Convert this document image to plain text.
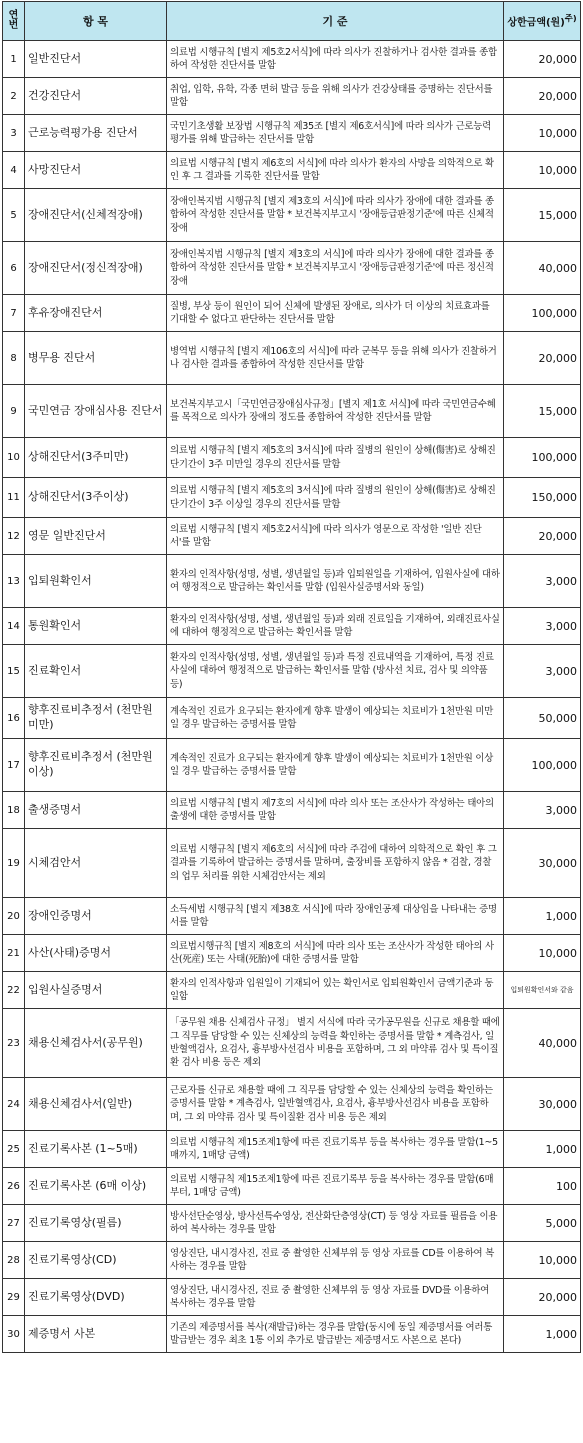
연번	항 목	기 준	상한금액(원)$^{주)}$
1	일반진단서	의료법 시행규칙 [별지 제5호2서식]에 따라 의사가 진찰하거나 검사한 결과를 종합하여 작성한 진단서를 말함	20,000
2	건강진단서	취업, 입학, 유학, 각종 면허 발급 등을 위해 의사가 건강상태를 증명하는 진단서를 말함	20,000
3	근로능력평가용 진단서	국민기초생활 보장법 시행규칙 제35조 [별지 제6호서식]에 따라 의사가 근로능력 평가를 위해 발급하는 진단서를 말함	10,000
4	사망진단서	의료법 시행규칙 [별지 제6호의 서식]에 따라 의사가 환자의 사망을 의학적으로 확인 후 그 결과를 기록한 진단서를 말함	10,000
5	장애진단서(신체적장애)	장애인복지법 시행규칙 [별지 제3호의 서식]에 따라 의사가 장애에 대한 결과를 종합하여 작성한 진단서를 말함 * 보건복지부고시 '장애등급판정기준'에 따른 신체적 장애	15,000
6	장애진단서(정신적장애)	장애인복지법 시행규칙 [별지 제3호의 서식]에 따라 의사가 장애에 대한 결과를 종합하여 작성한 진단서를 말함 * 보건복지부고시 '장애등급판정기준'에 따른 정신적 장애	40,000
7	후유장애진단서	질병, 부상 등이 원인이 되어 신체에 발생된 장애로, 의사가 더 이상의 치료효과를 기대할 수 없다고 판단하는 진단서를 말함	100,000
8	병무용 진단서	병역법 시행규칙 [별지 제106호의 서식]에 따라 군복무 등을 위해 의사가 진찰하거나 검사한 결과를 종합하여 작성한 진단서를 말함	20,000
9	국민연금 장애심사용 진단서	보건복지부고시「국민연금장애심사규정」[별지 제1호 서식]에 따라 국민연금수혜를 목적으로 의사가 장애의 정도를 종합하여 작성한 진단서를 말함	15,000
10	상해진단서(3주미만)	의료법 시행규칙 [별지 제5호의 3서식]에 따라 질병의 원인이 상해(傷害)로 상해진단기간이 3주 미만일 경우의 진단서를 말함	100,000
11	상해진단서(3주이상)	의료법 시행규칙 [별지 제5호의 3서식]에 따라 질병의 원인이 상해(傷害)로 상해진단기간이 3주 이상일 경우의 진단서를 말함	150,000
12	영문 일반진단서	의료법 시행규칙 [별지 제5호2서식]에 따라 의사가 영문으로 작성한 '일반 진단서'를 말함	20,000
13	입퇴원확인서	환자의 인적사항(성명, 성별, 생년월일 등)과 입퇴원일을 기재하여, 입원사실에 대하여 행정적으로 발급하는 확인서를 말함 (입원사실증명서와 동일)	3,000
14	통원확인서	환자의 인적사항(성명, 성별, 생년월일 등)과 외래 진료일을 기재하여, 외래진료사실에 대하여 행정적으로 발급하는 확인서를 말함	3,000
15	진료확인서	환자의 인적사항(성명, 성별, 생년월일 등)과 특정 진료내역을 기재하여, 특정 진료사실에 대하여 행정적으로 발급하는 확인서를 말함 (방사선 치료, 검사 및 의약품 등)	3,000
16	향후진료비추정서 (천만원미만)	계속적인 진료가 요구되는 환자에게 향후 발생이 예상되는 치료비가 1천만원 미만일 경우 발급하는 증명서를 말함	50,000
17	향후진료비추정서 (천만원이상)	계속적인 진료가 요구되는 환자에게 향후 발생이 예상되는 치료비가 1천만원 이상일 경우 발급하는 증명서를 말함	100,000
18	출생증명서	의료법 시행규칙 [별지 제7호의 서식]에 따라 의사 또는 조산사가 작성하는 태아의 출생에 대한 증명서를 말함	3,000
19	시체검안서	의료법 시행규칙 [별지 제6호의 서식]에 따라 주검에 대하여 의학적으로 확인 후 그 결과를 기록하여 발급하는 증명서를 말하며, 출장비를 포함하지 않음 * 검찰, 경찰의 업무 처리를 위한 시체검안서는 제외	30,000
20	장애인증명서	소득세법 시행규칙 [별지 제38호 서식]에 따라 장애인공제 대상임을 나타내는 증명서를 말함	1,000
21	사산(사태)증명서	의료법시행규칙 [별지 제8호의 서식]에 따라 의사 또는 조산사가 작성한 태아의 사산(死産) 또는 사태(死胎)에 대한 증명서를 말함	10,000
22	입원사실증명서	환자의 인적사항과 입원일이 기재되어 있는 확인서로 입퇴원확인서 금액기준과 동일함	입퇴원확인서와 같음
23	채용신체검사서(공무원)	「공무원 채용 신체검사 규정」 별지 서식에 따라 국가공무원을 신규로 채용할 때에 그 직무를 담당할 수 있는 신체상의 능력을 확인하는 증명서를 말함 * 계측검사, 일반혈액검사, 요검사, 흉부방사선검사 비용을 포함하며, 그 외 마약류 검사 및 특이질환 검사 비용 등은 제외	40,000
24	채용신체검사서(일반)	근로자를 신규로 채용할 때에 그 직무를 담당할 수 있는 신체상의 능력을 확인하는 증명서를 말함 * 계측검사, 일반혈액검사, 요검사, 흉부방사선검사 비용을 포함하며, 그 외 마약류 검사 및 특이질환 검사 비용 등은 제외	30,000
25	진료기록사본 (1~5매)	의료법 시행규칙 제15조제1항에 따른 진료기록부 등을 복사하는 경우를 말함(1~5매까지, 1매당 금액)	1,000
26	진료기록사본 (6매 이상)	의료법 시행규칙 제15조제1항에 따른 진료기록부 등을 복사하는 경우를 말함(6매부터, 1매당 금액)	100
27	진료기록영상(필름)	방사선단순영상, 방사선특수영상, 전산화단층영상(CT) 등 영상 자료를 필름을 이용하여 복사하는 경우를 말함	5,000
28	진료기록영상(CD)	영상진단, 내시경사진, 진료 중 촬영한 신체부위 등 영상 자료를 CD를 이용하여 복사하는 경우를 말함	10,000
29	진료기록영상(DVD)	영상진단, 내시경사진, 진료 중 촬영한 신체부위 등 영상 자료를 DVD를 이용하여 복사하는 경우를 말함	20,000
30	제증명서 사본	기존의 제증명서를 복사(재발급)하는 경우를 말함(동시에 동일 제증명서를 여러통 발급받는 경우 최초 1통 이외 추가로 발급받는 제증명서도 사본으로 본다)	1,000
